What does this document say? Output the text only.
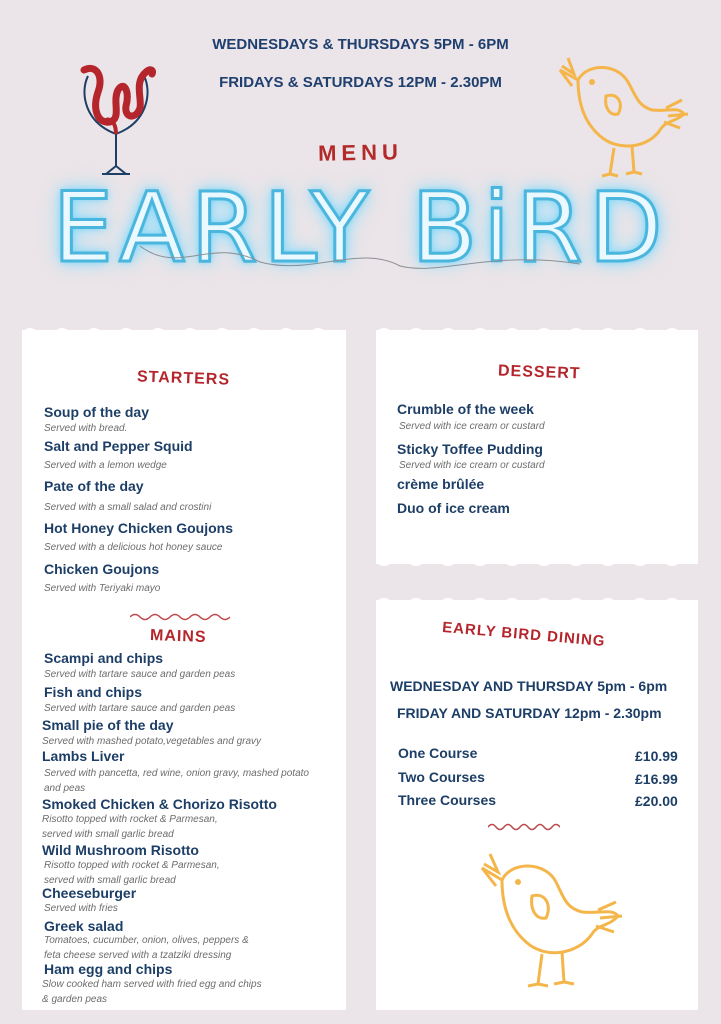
WEDNESDAYS & THURSDAYS 5PM - 6PM
FRIDAYS & SATURDAYS 12PM - 2.30PM
MENU
EARLY BiRD
STARTERS
Soup of the day
Served with bread.
Salt and Pepper Squid
Served with a lemon wedge
Pate of the day
Served with a small salad and crostini
Hot Honey Chicken Goujons
Served with a delicious hot honey sauce
Chicken Goujons
Served with Teriyaki mayo
MAINS
Scampi and chips
Served with tartare sauce and garden peas
Fish and chips
Served with tartare sauce and garden peas
Small pie of the day
Served with mashed potato,vegetables and gravy
Lambs Liver
Served with pancetta, red wine, onion gravy, mashed potato
and peas
Smoked Chicken & Chorizo Risotto
Risotto topped with rocket & Parmesan,
served with small garlic bread
Wild Mushroom Risotto
Risotto topped with rocket & Parmesan,
served with small garlic bread
Cheeseburger
Served with fries
Greek salad
Tomatoes, cucumber, onion, olives, peppers &
feta cheese served with a tzatziki dressing
Ham egg and chips
Slow cooked ham served with fried egg and chips
& garden peas
DESSERT
Crumble of the week
Served with ice cream or custard
Sticky Toffee Pudding
Served with ice cream or custard
crème brûlée
Duo of ice cream
EARLY BIRD DINING
WEDNESDAY AND THURSDAY 5pm - 6pm
FRIDAY AND SATURDAY 12pm - 2.30pm
One Course	£10.99
Two Courses	£16.99
Three Courses	£20.00
